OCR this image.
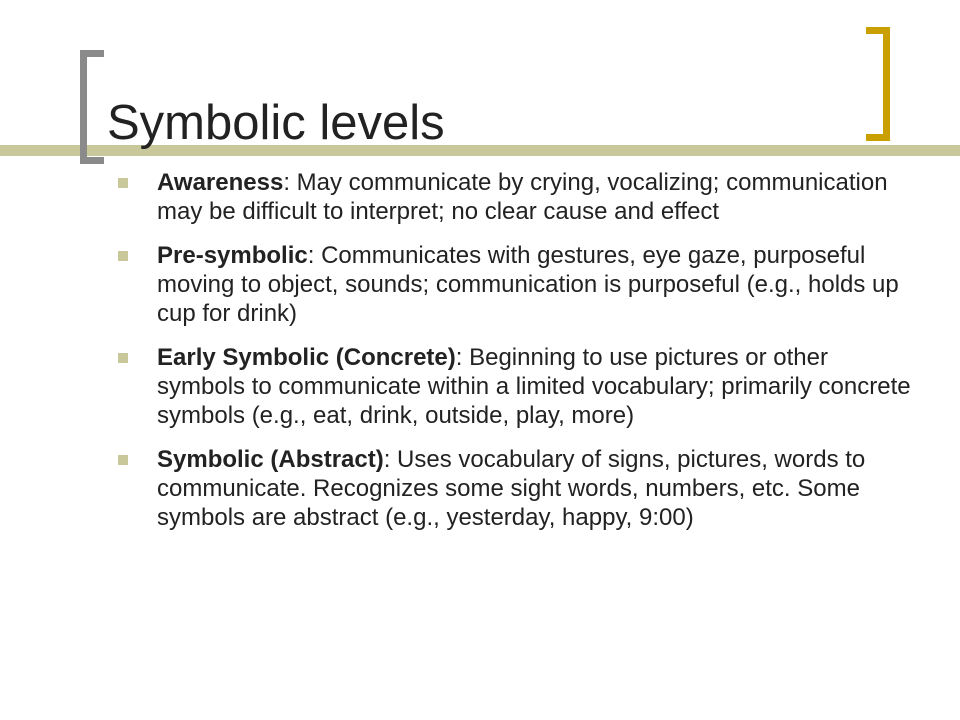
Symbolic levels
Awareness: May communicate by crying, vocalizing; communication may be difficult to interpret; no clear cause and effect
Pre-symbolic: Communicates with gestures, eye gaze, purposeful moving to object, sounds; communication is purposeful (e.g., holds up cup for drink)
Early Symbolic (Concrete): Beginning to use pictures or other symbols to communicate within a limited vocabulary; primarily concrete symbols (e.g., eat, drink, outside, play, more)
Symbolic (Abstract): Uses vocabulary of signs, pictures, words to communicate. Recognizes some sight words, numbers, etc. Some symbols are abstract (e.g., yesterday, happy, 9:00)
